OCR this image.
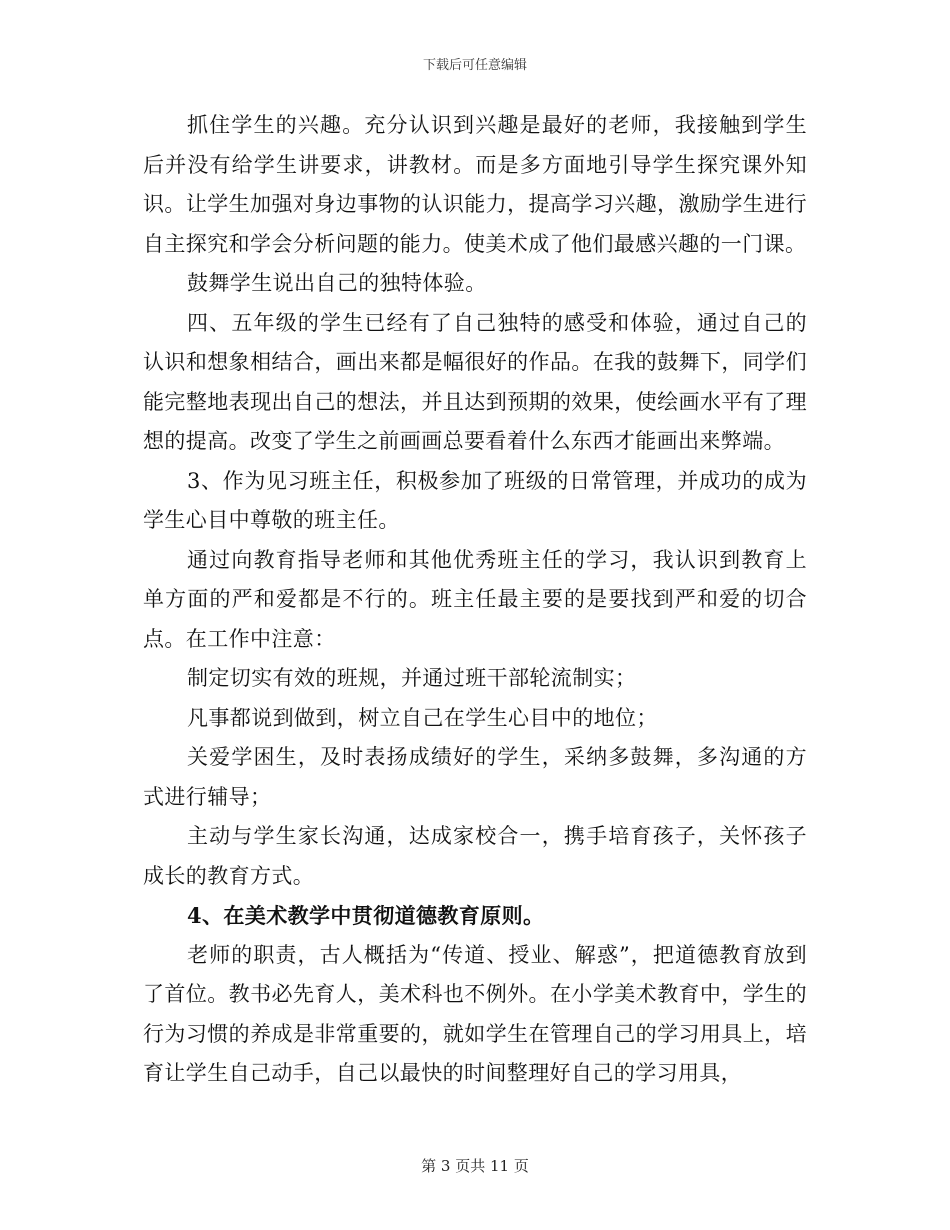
下载后可任意编辑

抓住学生的兴趣。充分认识到兴趣是最好的老师，我接触到学生后并没有给学生讲要求，讲教材。而是多方面地引导学生探究课外知识。让学生加强对身边事物的认识能力，提高学习兴趣，激励学生进行自主探究和学会分析问题的能力。使美术成了他们最感兴趣的一门课。

鼓舞学生说出自己的独特体验。

四、五年级的学生已经有了自己独特的感受和体验，通过自己的认识和想象相结合，画出来都是幅很好的作品。在我的鼓舞下，同学们能完整地表现出自己的想法，并且达到预期的效果，使绘画水平有了理想的提高。改变了学生之前画画总要看着什么东西才能画出来弊端。

3、作为见习班主任，积极参加了班级的日常管理，并成功的成为学生心目中尊敬的班主任。

通过向教育指导老师和其他优秀班主任的学习，我认识到教育上单方面的严和爱都是不行的。班主任最主要的是要找到严和爱的切合点。在工作中注意：

制定切实有效的班规，并通过班干部轮流制实；

凡事都说到做到，树立自己在学生心目中的地位；

关爱学困生，及时表扬成绩好的学生，采纳多鼓舞，多沟通的方式进行辅导；

主动与学生家长沟通，达成家校合一，携手培育孩子，关怀孩子成长的教育方式。

4、在美术教学中贯彻道德教育原则。

老师的职责，古人概括为“传道、授业、解惑”，把道德教育放到了首位。教书必先育人，美术科也不例外。在小学美术教育中，学生的行为习惯的养成是非常重要的，就如学生在管理自己的学习用具上，培育让学生自己动手，自己以最快的时间整理好自己的学习用具，

第 3 页共 11 页
